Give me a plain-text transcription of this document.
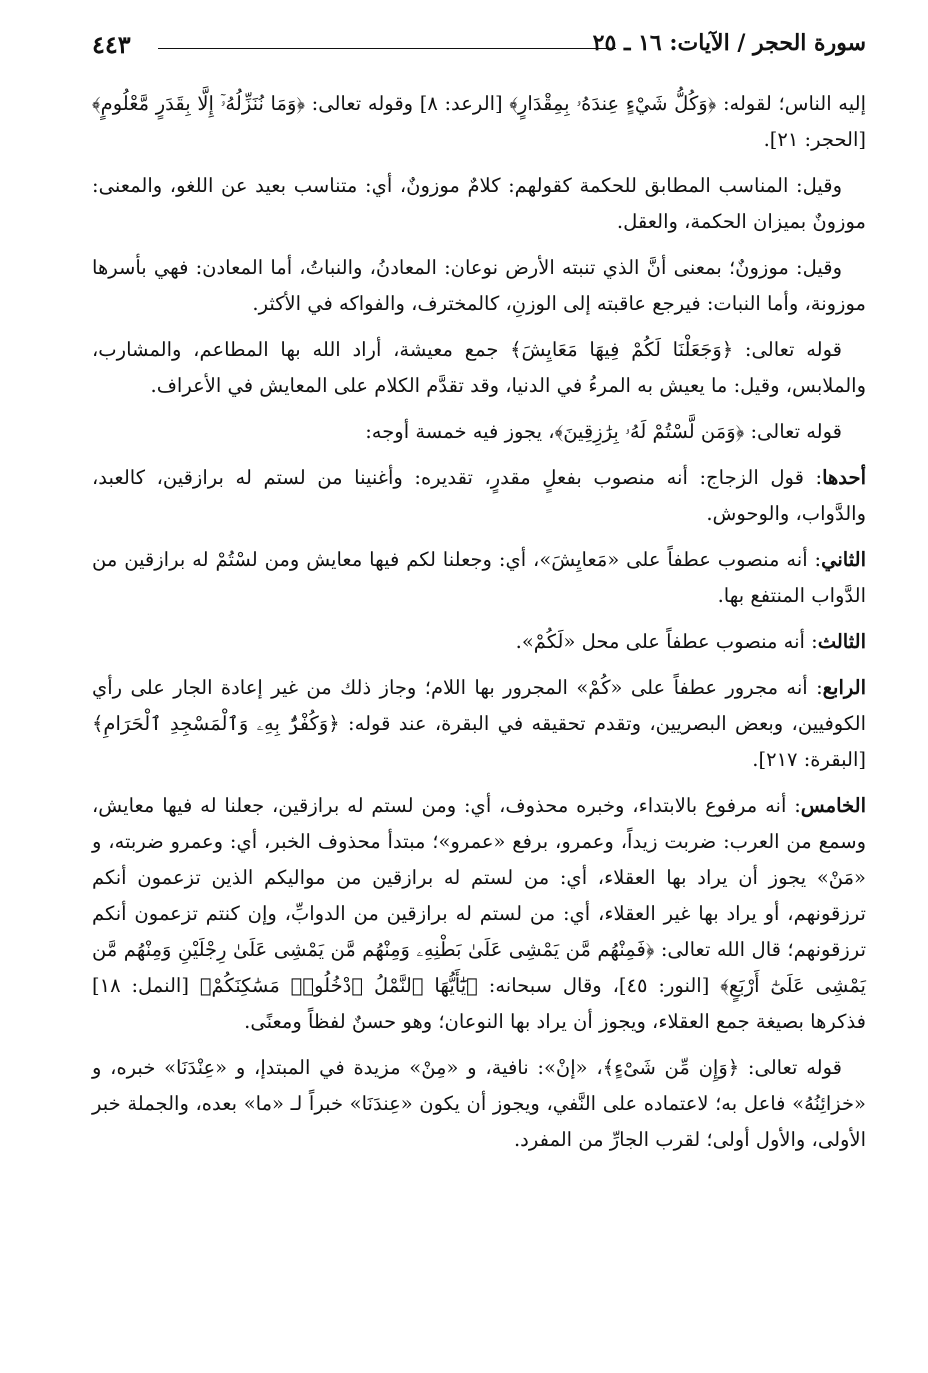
سورة الحجر / الآيات: ١٦ ـ ٢٥
٤٤٣

إليه الناس؛ لقوله: ﴿وَكُلُّ شَيْءٍ عِندَهُۥ بِمِقْدَارٍ﴾ [الرعد: ٨] وقوله تعالى: ﴿وَمَا نُنَزِّلُهُۥٓ إِلَّا بِقَدَرٍ مَّعْلُومٍ﴾ [الحجر: ٢١].

وقيل: المناسب المطابق للحكمة كقولهم: كلامٌ موزونٌ، أي: متناسب بعيد عن اللغو، والمعنى: موزونٌ بميزان الحكمة، والعقل.

وقيل: موزونٌ؛ بمعنى أنَّ الذي تنبته الأرض نوعان: المعادنُ، والنباتُ، أما المعادن: فهي بأسرها موزونة، وأما النبات: فيرجع عاقبته إلى الوزنِ، كالمخترف، والفواكه في الأكثر.

قوله تعالى: ﴿وَجَعَلْنَا لَكُمْ فِيهَا مَعَايِشَ﴾ جمع معيشة، أراد الله بها المطاعم، والمشارب، والملابس، وقيل: ما يعيش به المرءُ في الدنيا، وقد تقدَّم الكلام على المعايش في الأعراف.

قوله تعالى: ﴿وَمَن لَّسْتُمْ لَهُۥ بِرَٰزِقِينَ﴾، يجوز فيه خمسة أوجه:

أحدها: قول الزجاج: أنه منصوب بفعلٍ مقدرٍ، تقديره: وأغنينا من لستم له برازقين، كالعبد، والدَّواب، والوحوش.

الثاني: أنه منصوب عطفاً على «مَعايِشَ»، أي: وجعلنا لكم فيها معايش ومن لسْتُمْ له برازقين من الدَّواب المنتفع بها.

الثالث: أنه منصوب عطفاً على محل «لَكُمْ».

الرابع: أنه مجرور عطفاً على «كُمْ» المجرور بها اللام؛ وجاز ذلك من غير إعادة الجار على رأي الكوفيين، وبعض البصريين، وتقدم تحقيقه في البقرة، عند قوله: ﴿وَكُفْرٌۢ بِهِۦ وَٱلْمَسْجِدِ ٱلْحَرَامِ﴾ [البقرة: ٢١٧].

الخامس: أنه مرفوع بالابتداء، وخبره محذوف، أي: ومن لستم له برازقين، جعلنا له فيها معايش، وسمع من العرب: ضربت زيداً، وعمرو، برفع «عمرو»؛ مبتدأ محذوف الخبر، أي: وعمرو ضربته، و «مَنْ» يجوز أن يراد بها العقلاء، أي: من لستم له برازقين من مواليكم الذين تزعمون أنكم ترزقونهم، أو يراد بها غير العقلاء، أي: من لستم له برازقين من الدوابِّ، وإن كنتم تزعمون أنكم ترزقونهم؛ قال الله تعالى: ﴿فَمِنْهُم مَّن يَمْشِى عَلَىٰ بَطْنِهِۦ وَمِنْهُم مَّن يَمْشِى عَلَىٰ رِجْلَيْنِ وَمِنْهُم مَّن يَمْشِى عَلَىٰٓ أَرْبَعٍ﴾ [النور: ٤٥]، وقال سبحانه: ﴿يَٰٓأَيُّهَا ٱلنَّمْلُ ٱدْخُلُوا۟ مَسَٰكِنَكُمْ﴾ [النمل: ١٨] فذكرها بصيغة جمع العقلاء، ويجوز أن يراد بها النوعان؛ وهو حسنٌ لفظاً ومعنًى.

قوله تعالى: ﴿وَإِن مِّن شَىْءٍ﴾، «إنْ»: نافية، و «مِنْ» مزيدة في المبتدإ، و «عِنْدَنَا» خبره، و «خزائِنُهُ» فاعل به؛ لاعتماده على النَّفي، ويجوز أن يكون «عِندَنَا» خبراً لـ «ما» بعده، والجملة خبر الأولى، والأول أولى؛ لقرب الجارِّ من المفرد.
